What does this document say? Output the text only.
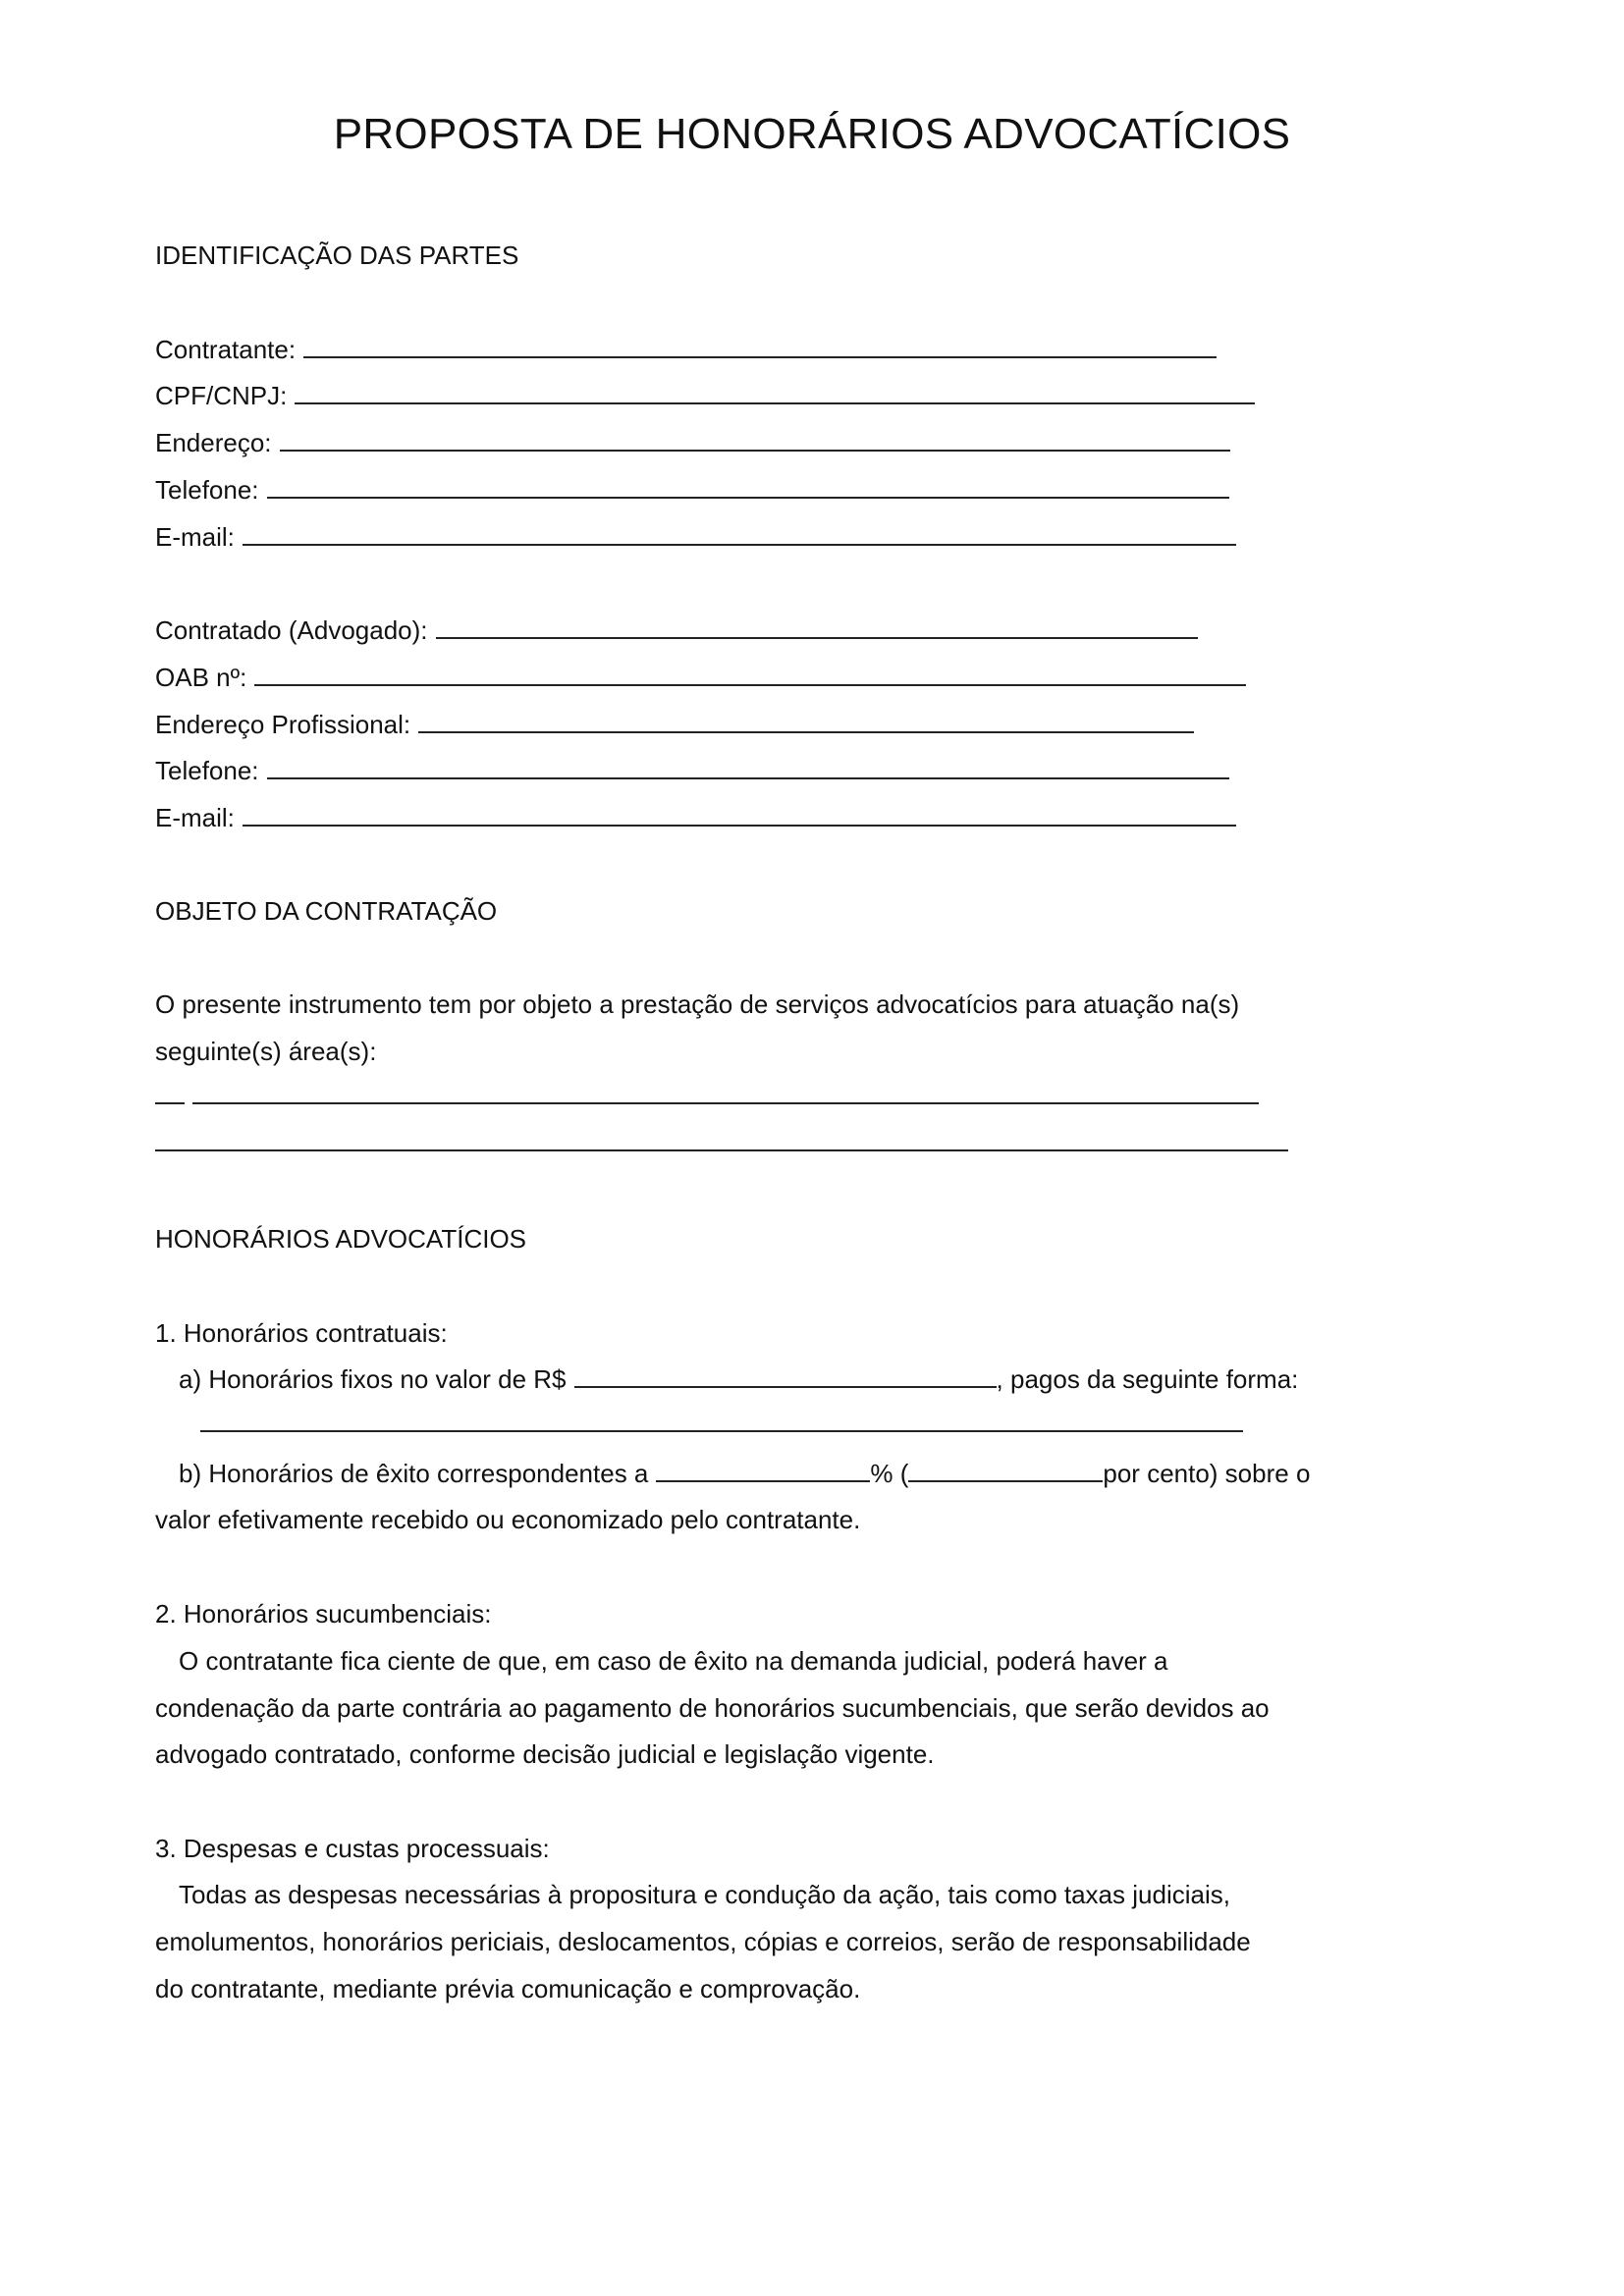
PROPOSTA DE HONORÁRIOS ADVOCATÍCIOS

IDENTIFICAÇÃO DAS PARTES

Contratante:
CPF/CNPJ:
Endereço:
Telefone:
E-mail:
Contratado (Advogado):
OAB nº:
Endereço Profissional:
Telefone:
E-mail:

OBJETO DA CONTRATAÇÃO

O presente instrumento tem por objeto a prestação de serviços advocatícios para atuação na(s)

seguinte(s) área(s):

HONORÁRIOS ADVOCATÍCIOS

1. Honorários contratuais:

a) Honorários fixos no valor de R$	, pagos da seguinte forma:
b) Honorários de êxito correspondentes a	% (	por cento) sobre o

valor efetivamente recebido ou economizado pelo contratante.

2. Honorários sucumbenciais:

O contratante fica ciente de que, em caso de êxito na demanda judicial, poderá haver a

condenação da parte contrária ao pagamento de honorários sucumbenciais, que serão devidos ao

advogado contratado, conforme decisão judicial e legislação vigente.

3. Despesas e custas processuais:

Todas as despesas necessárias à propositura e condução da ação, tais como taxas judiciais,

emolumentos, honorários periciais, deslocamentos, cópias e correios, serão de responsabilidade

do contratante, mediante prévia comunicação e comprovação.
